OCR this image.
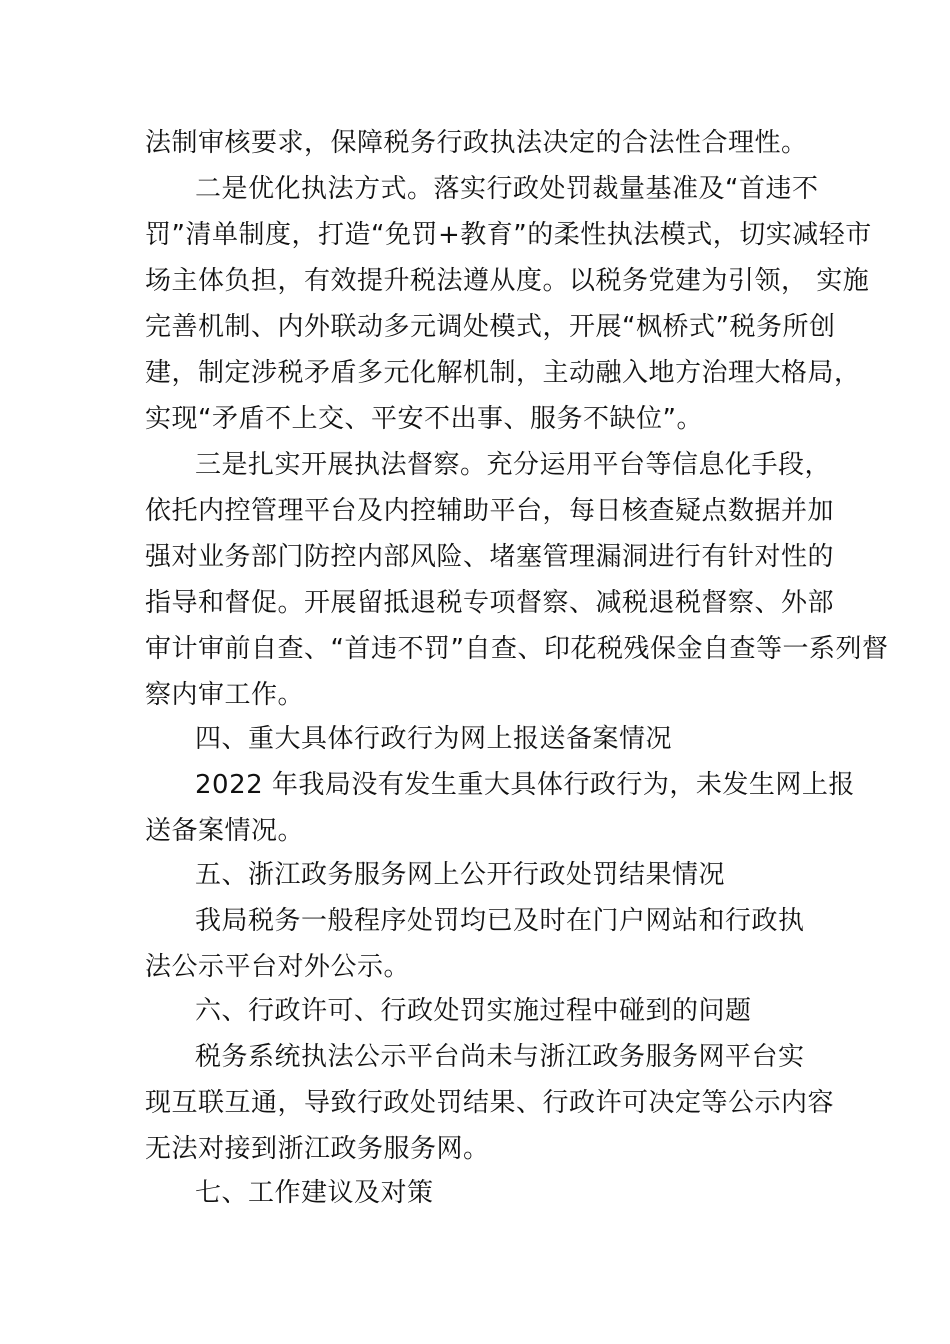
法制审核要求，保障税务行政执法决定的合法性合理性。
二是优化执法方式。落实行政处罚裁量基准及“首违不
罚”清单制度，打造“免罚+教育”的柔性执法模式，切实减轻市
场主体负担，有效提升税法遵从度。以税务党建为引领， 实施
完善机制、内外联动多元调处模式，开展“枫桥式”税务所创
建，制定涉税矛盾多元化解机制，主动融入地方治理大格局，
实现“矛盾不上交、平安不出事、服务不缺位”。
三是扎实开展执法督察。充分运用平台等信息化手段，
依托内控管理平台及内控辅助平台，每日核查疑点数据并加
强对业务部门防控内部风险、堵塞管理漏洞进行有针对性的
指导和督促。开展留抵退税专项督察、减税退税督察、外部
审计审前自查、“首违不罚”自查、印花税残保金自查等一系列督
察内审工作。
四、重大具体行政行为网上报送备案情况
2022 年我局没有发生重大具体行政行为，未发生网上报
送备案情况。
五、浙江政务服务网上公开行政处罚结果情况
我局税务一般程序处罚均已及时在门户网站和行政执
法公示平台对外公示。
六、行政许可、行政处罚实施过程中碰到的问题
税务系统执法公示平台尚未与浙江政务服务网平台实
现互联互通，导致行政处罚结果、行政许可决定等公示内容
无法对接到浙江政务服务网。
七、工作建议及对策
